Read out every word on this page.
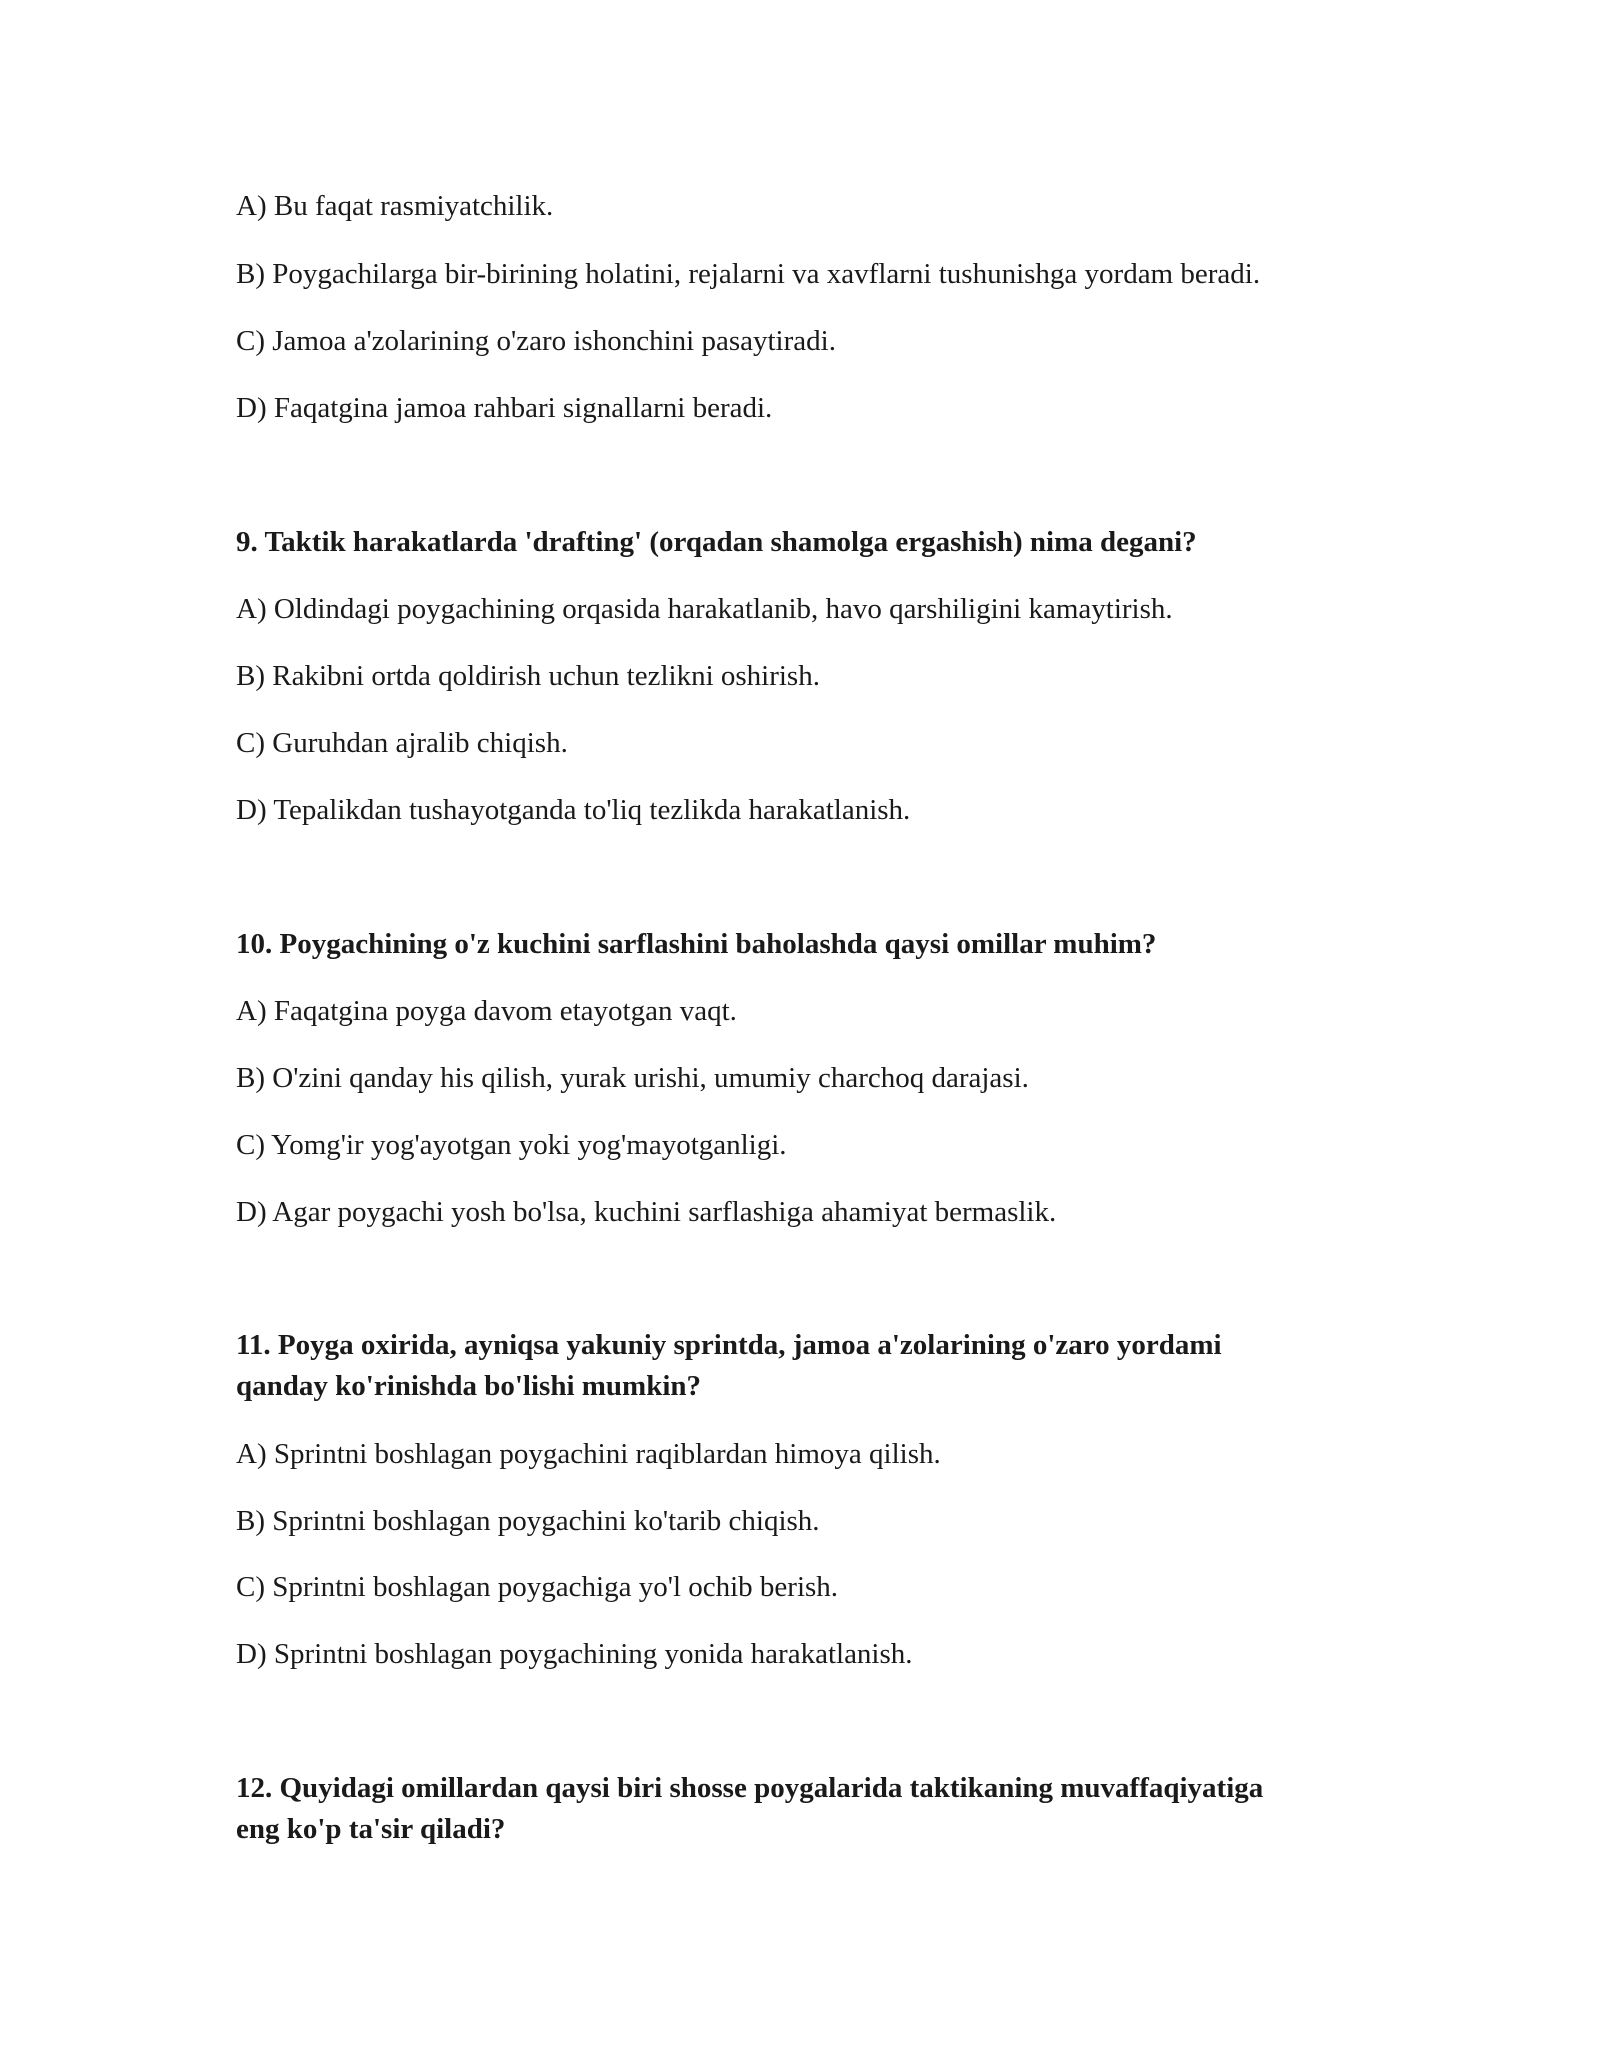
A) Bu faqat rasmiyatchilik.
B) Poygachilarga bir-birining holatini, rejalarni va xavflarni tushunishga yordam beradi.
C) Jamoa a'zolarining o'zaro ishonchini pasaytiradi.
D) Faqatgina jamoa rahbari signallarni beradi.
9. Taktik harakatlarda 'drafting' (orqadan shamolga ergashish) nima degani?
A) Oldindagi poygachining orqasida harakatlanib, havo qarshiligini kamaytirish.
B) Rakibni ortda qoldirish uchun tezlikni oshirish.
C) Guruhdan ajralib chiqish.
D) Tepalikdan tushayotganda to'liq tezlikda harakatlanish.
10. Poygachining o'z kuchini sarflashini baholashda qaysi omillar muhim?
A) Faqatgina poyga davom etayotgan vaqt.
B) O'zini qanday his qilish, yurak urishi, umumiy charchoq darajasi.
C) Yomg'ir yog'ayotgan yoki yog'mayotganligi.
D) Agar poygachi yosh bo'lsa, kuchini sarflashiga ahamiyat bermaslik.
11. Poyga oxirida, ayniqsa yakuniy sprintda, jamoa a'zolarining o'zaro yordami
qanday ko'rinishda bo'lishi mumkin?
A) Sprintni boshlagan poygachini raqiblardan himoya qilish.
B) Sprintni boshlagan poygachini ko'tarib chiqish.
C) Sprintni boshlagan poygachiga yo'l ochib berish.
D) Sprintni boshlagan poygachining yonida harakatlanish.
12. Quyidagi omillardan qaysi biri shosse poygalarida taktikaning muvaffaqiyatiga
eng ko'p ta'sir qiladi?
